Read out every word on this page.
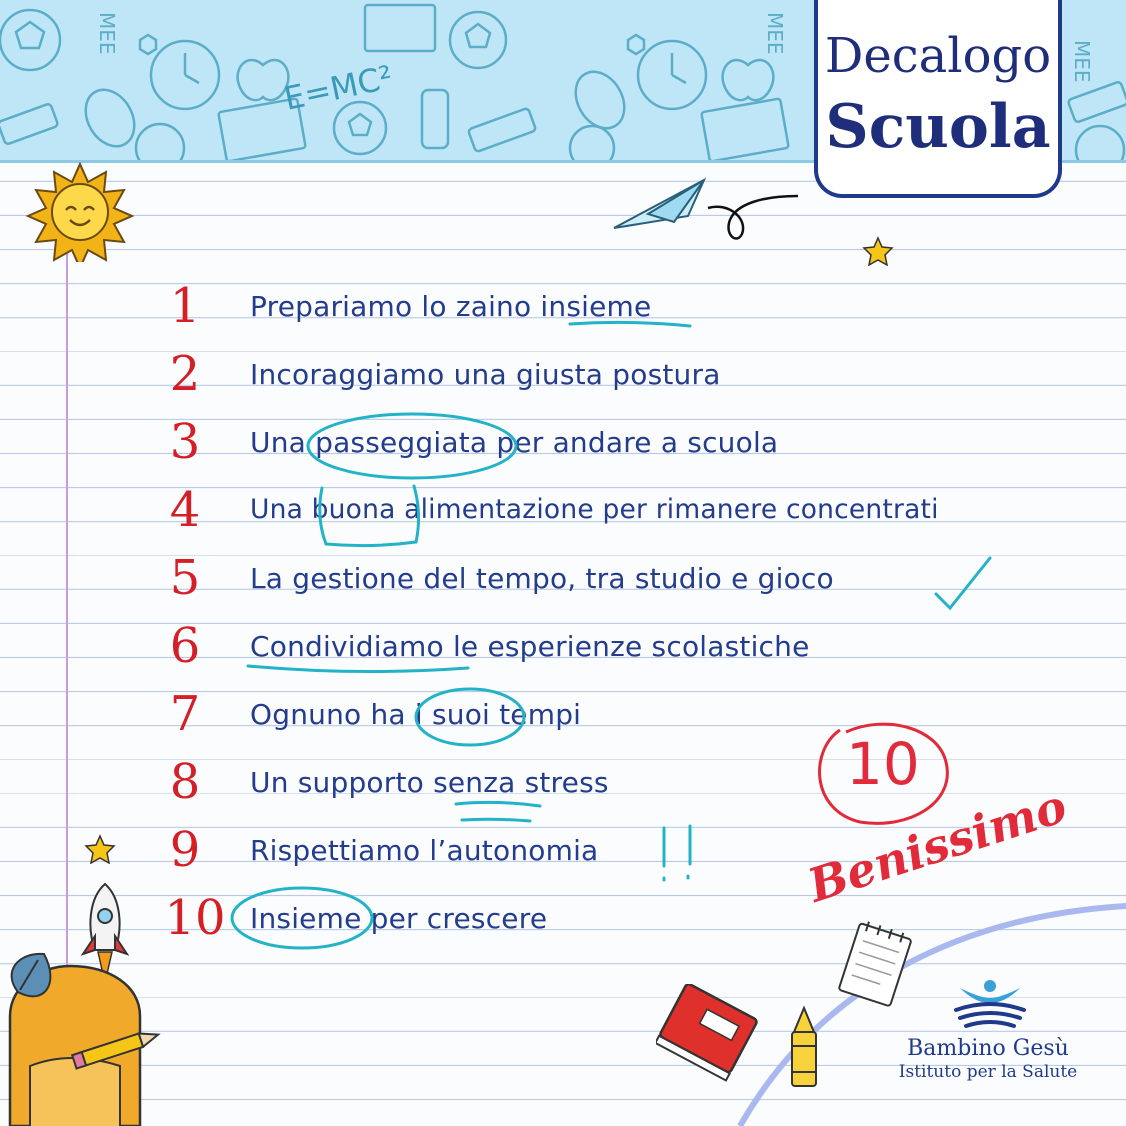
MEE	MEE
MEE
E=MC²
Decalogo
Scuola
1	Prepariamo lo zaino insieme
2	Incoraggiamo una giusta postura
3	Una passeggiata per andare a scuola
4	Una buona alimentazione per rimanere concentrati
5	La gestione del tempo, tra studio e gioco
6	Condividiamo le esperienze scolastiche
7	Ognuno ha i suoi tempi
8	Un supporto senza stress
9	Rispettiamo l’autonomia
10 Insieme per crescere
10
Benissimo
Bambino Gesù
Istituto per la Salute
